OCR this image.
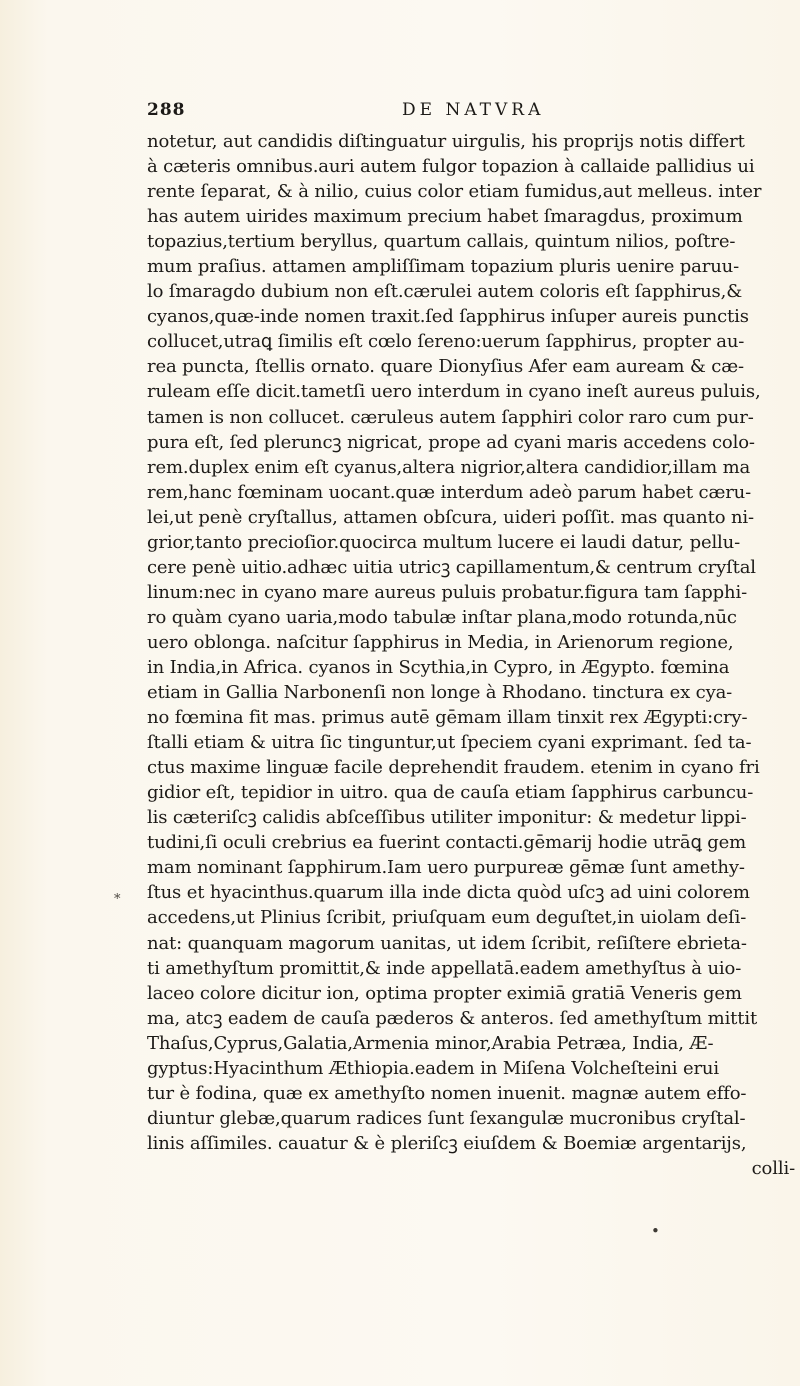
288	DE NATVRA
notetur, aut candidis diſtinguatur uirgulis, his proprijs notis differt
à cæteris omnibus.auri autem fulgor topazion à callaide pallidius ui
rente ſeparat, & à nilio, cuius color etiam fumidus,aut melleus. inter
has autem uirides maximum precium habet ſmaragdus, proximum
topazius,tertium beryllus, quartum callais, quintum nilios, poſtre-
mum praſius. attamen ampliſſimam topazium pluris uenire paruu-
lo ſmaragdo dubium non eſt.cærulei autem coloris eſt ſapphirus,&
cyanos,quæ-inde nomen traxit.ſed ſapphirus inſuper aureis punctis
collucet,utraꝗ ſimilis eſt cœlo ſereno:uerum ſapphirus, propter au-
rea puncta, ſtellis ornato. quare Dionyſius Afer eam auream & cæ-
ruleam eſſe dicit.tametſi uero interdum in cyano ineſt aureus puluis,
tamen is non collucet. cæruleus autem ſapphiri color raro cum pur-
pura eſt, ſed pleruncꝫ nigricat, prope ad cyani maris accedens colo-
rem.duplex enim eſt cyanus,altera nigrior,altera candidior,illam ma
rem,hanc fœminam uocant.quæ interdum adeò parum habet cæru-
lei,ut penè cryſtallus, attamen obſcura, uideri poſſit. mas quanto ni-
grior,tanto precioſior.quocirca multum lucere ei laudi datur, pellu-
cere penè uitio.adhæc uitia utricꝫ capillamentum,& centrum cryſtal
linum:nec in cyano mare aureus puluis probatur.figura tam ſapphi-
ro quàm cyano uaria,modo tabulæ inſtar plana,modo rotunda,nūc
uero oblonga. naſcitur ſapphirus in Media, in Arienorum regione,
in India,in Africa. cyanos in Scythia,in Cypro, in Ægypto. fœmina
etiam in Gallia Narbonenſi non longe à Rhodano. tinctura ex cya-
no fœmina fit mas. primus autē gēmam illam tinxit rex Ægypti:cry-
ſtalli etiam & uitra ſic tinguntur,ut ſpeciem cyani exprimant. ſed ta-
ctus maxime linguæ facile deprehendit fraudem. etenim in cyano fri
gidior eſt, tepidior in uitro. qua de cauſa etiam ſapphirus carbuncu-
lis cæteriſcꝫ calidis abſceſſibus utiliter imponitur: & medetur lippi-
tudini,ſi oculi crebrius ea fuerint contacti.gēmarij hodie utrāꝗ gem
mam nominant ſapphirum.Iam uero purpureæ gēmæ ſunt amethy-
ſtus et hyacinthus.quarum illa inde dicta quòd uſcꝫ ad uini colorem
accedens,ut Plinius ſcribit, priuſquam eum deguſtet,in uiolam deſi-
nat: quanquam magorum uanitas, ut idem ſcribit, reſiſtere ebrieta-
ti amethyſtum promittit,& inde appellatā.eadem amethyſtus à uio-
laceo colore dicitur ion, optima propter eximiā gratiā Veneris gem
ma, atcꝫ eadem de cauſa pæderos & anteros. ſed amethyſtum mittit
Thaſus,Cyprus,Galatia,Armenia minor,Arabia Petræa, India, Æ-
gyptus:Hyacinthum Æthiopia.eadem in Miſena Volcheſteini erui
tur è fodina, quæ ex amethyſto nomen inuenit. magnæ autem effo-
diuntur glebæ,quarum radices ſunt ſexangulæ mucronibus cryſtal-
linis aſſimiles. cauatur & è pleriſcꝫ eiuſdem & Boemiæ argentarijs,
colli-
*
•
